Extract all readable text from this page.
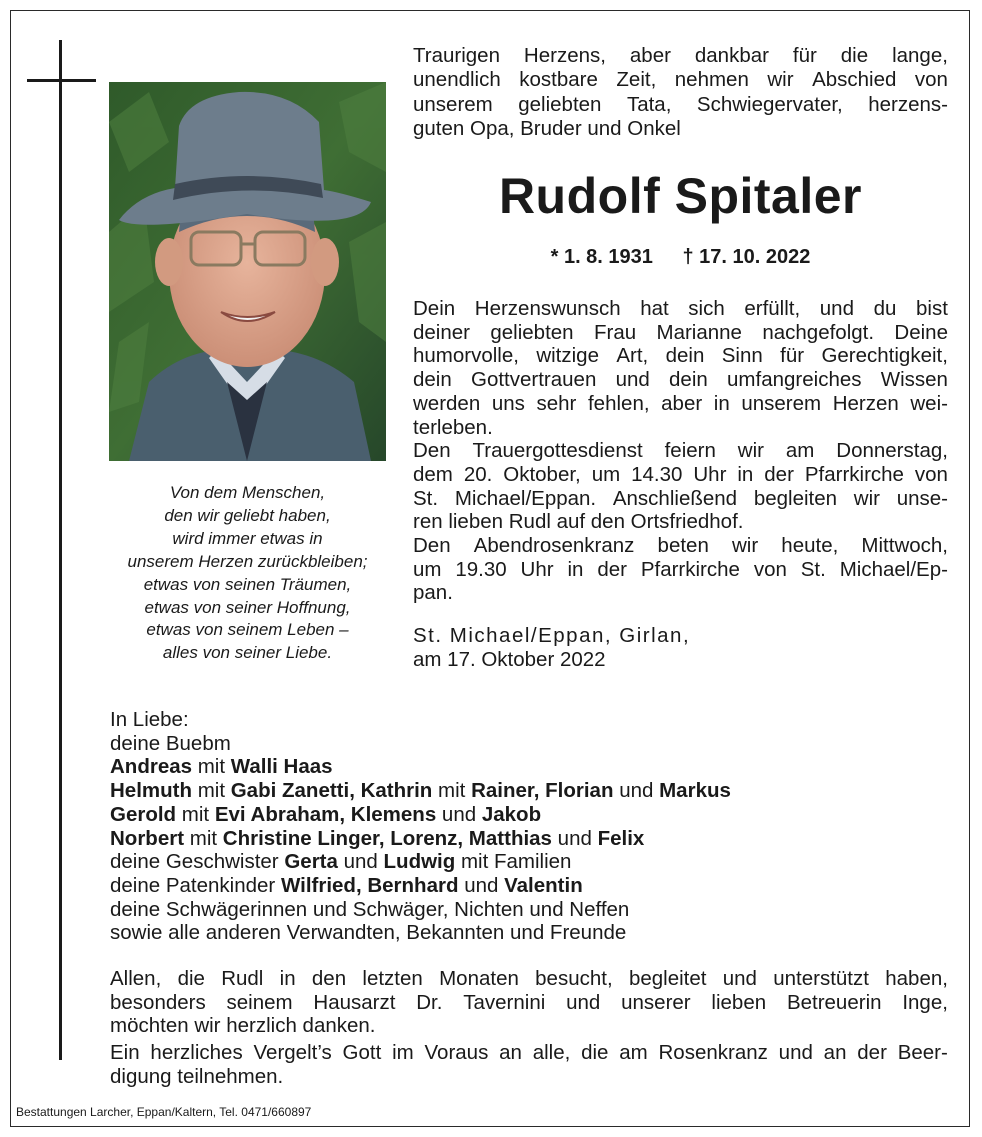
Von dem Menschen,
den wir geliebt haben,
wird immer etwas in
unserem Herzen zurückbleiben;
etwas von seinen Träumen,
etwas von seiner Hoffnung,
etwas von seinem Leben –
alles von seiner Liebe.
Traurigen Herzens, aber dankbar für die lange,
unendlich kostbare Zeit, nehmen wir Abschied von
unserem geliebten Tata, Schwiegervater, herzens-
guten Opa, Bruder und Onkel
Rudolf Spitaler
* 1. 8. 1931 † 17. 10. 2022
Dein Herzenswunsch hat sich erfüllt, und du bist
deiner geliebten Frau Marianne nachgefolgt. Deine
humorvolle, witzige Art, dein Sinn für Gerechtigkeit,
dein Gottvertrauen und dein umfangreiches Wissen
werden uns sehr fehlen, aber in unserem Herzen wei-
terleben.
Den Trauergottesdienst feiern wir am Donnerstag,
dem 20. Oktober, um 14.30 Uhr in der Pfarrkirche von
St. Michael/Eppan. Anschließend begleiten wir unse-
ren lieben Rudl auf den Ortsfriedhof.
Den Abendrosenkranz beten wir heute, Mittwoch,
um 19.30 Uhr in der Pfarrkirche von St. Michael/Ep-
pan.
St. Michael/Eppan, Girlan,
am 17. Oktober 2022
In Liebe:
deine Buebm
Andreas mit Walli Haas
Helmuth mit Gabi Zanetti, Kathrin mit Rainer, Florian und Markus
Gerold mit Evi Abraham, Klemens und Jakob
Norbert mit Christine Linger, Lorenz, Matthias und Felix
deine Geschwister Gerta und Ludwig mit Familien
deine Patenkinder Wilfried, Bernhard und Valentin
deine Schwägerinnen und Schwäger, Nichten und Neffen
sowie alle anderen Verwandten, Bekannten und Freunde
Allen, die Rudl in den letzten Monaten besucht, begleitet und unterstützt haben,
besonders seinem Hausarzt Dr. Tavernini und unserer lieben Betreuerin Inge,
möchten wir herzlich danken.
Ein herzliches Vergelt’s Gott im Voraus an alle, die am Rosenkranz und an der Beer-
digung teilnehmen.
Bestattungen Larcher, Eppan/Kaltern, Tel. 0471/660897
